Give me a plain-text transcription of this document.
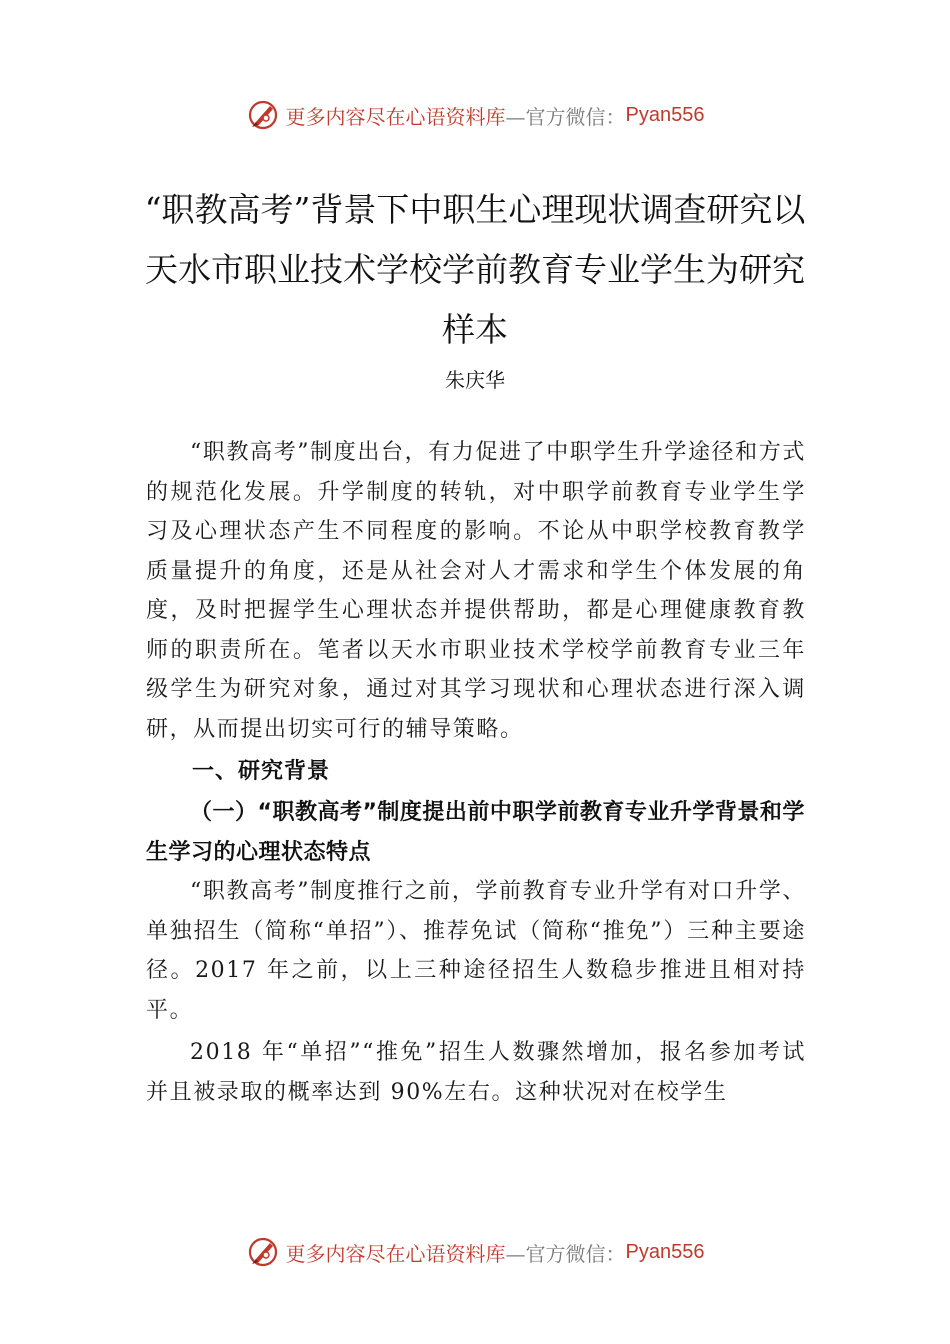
更多内容尽在心语资料库 —官方微信： Pyan556
“职教高考”背景下中职生心理现状调查研究以天水市职业技术学校学前教育专业学生为研究样本
朱庆华

“职教高考”制度出台，有力促进了中职学生升学途径和方式的规范化发展。升学制度的转轨，对中职学前教育专业学生学习及心理状态产生不同程度的影响。不论从中职学校教育教学质量提升的角度，还是从社会对人才需求和学生个体发展的角度，及时把握学生心理状态并提供帮助，都是心理健康教育教师的职责所在。笔者以天水市职业技术学校学前教育专业三年级学生为研究对象，通过对其学习现状和心理状态进行深入调研，从而提出切实可行的辅导策略。

一、研究背景
（一）“职教高考”制度提出前中职学前教育专业升学背景和学生学习的心理状态特点

“职教高考”制度推行之前，学前教育专业升学有对口升学、单独招生（简称“单招”）、推荐免试（简称“推免”）三种主要途径。2017 年之前，以上三种途径招生人数稳步推进且相对持平。

2018 年“单招”“推免”招生人数骤然增加，报名参加考试并且被录取的概率达到 90%左右。这种状况对在校学生

更多内容尽在心语资料库 —官方微信： Pyan556
